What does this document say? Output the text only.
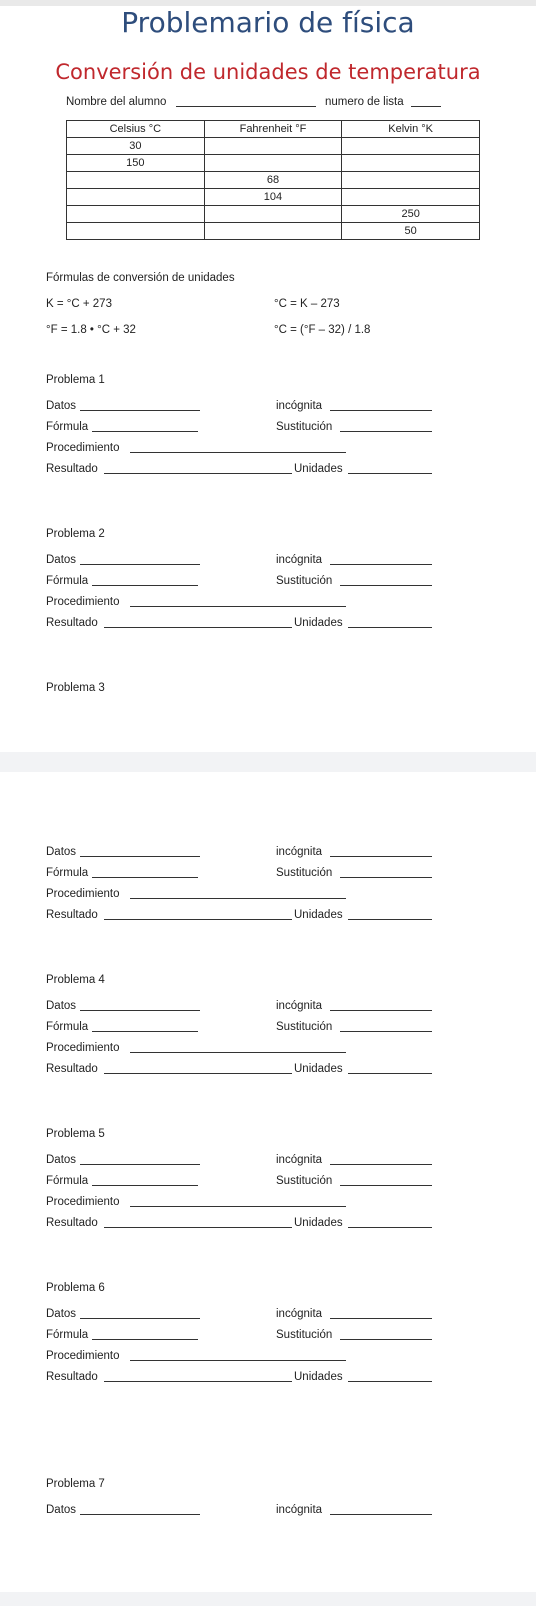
Problemario de física
Conversión de unidades de temperatura
Nombre del alumno	numero de lista
Celsius °C	Fahrenheit °F	Kelvin °K
30		
150		
	68	
	104	
		250
		50
Fórmulas de conversión de unidades
K = °C + 273	°C = K – 273
°F = 1.8 • °C + 32	°C = (°F – 32) / 1.8
Problema 1
Datos	incógnita
Fórmula	Sustitución
Procedimiento
Resultado	Unidades
Problema 2
Datos	incógnita
Fórmula	Sustitución
Procedimiento
Resultado	Unidades
Problema 3
Datos	incógnita
Fórmula	Sustitución
Procedimiento
Resultado	Unidades
Problema 4
Datos	incógnita
Fórmula	Sustitución
Procedimiento
Resultado	Unidades
Problema 5
Datos	incógnita
Fórmula	Sustitución
Procedimiento
Resultado	Unidades
Problema 6
Datos	incógnita
Fórmula	Sustitución
Procedimiento
Resultado	Unidades
Problema 7
Datos	incógnita
